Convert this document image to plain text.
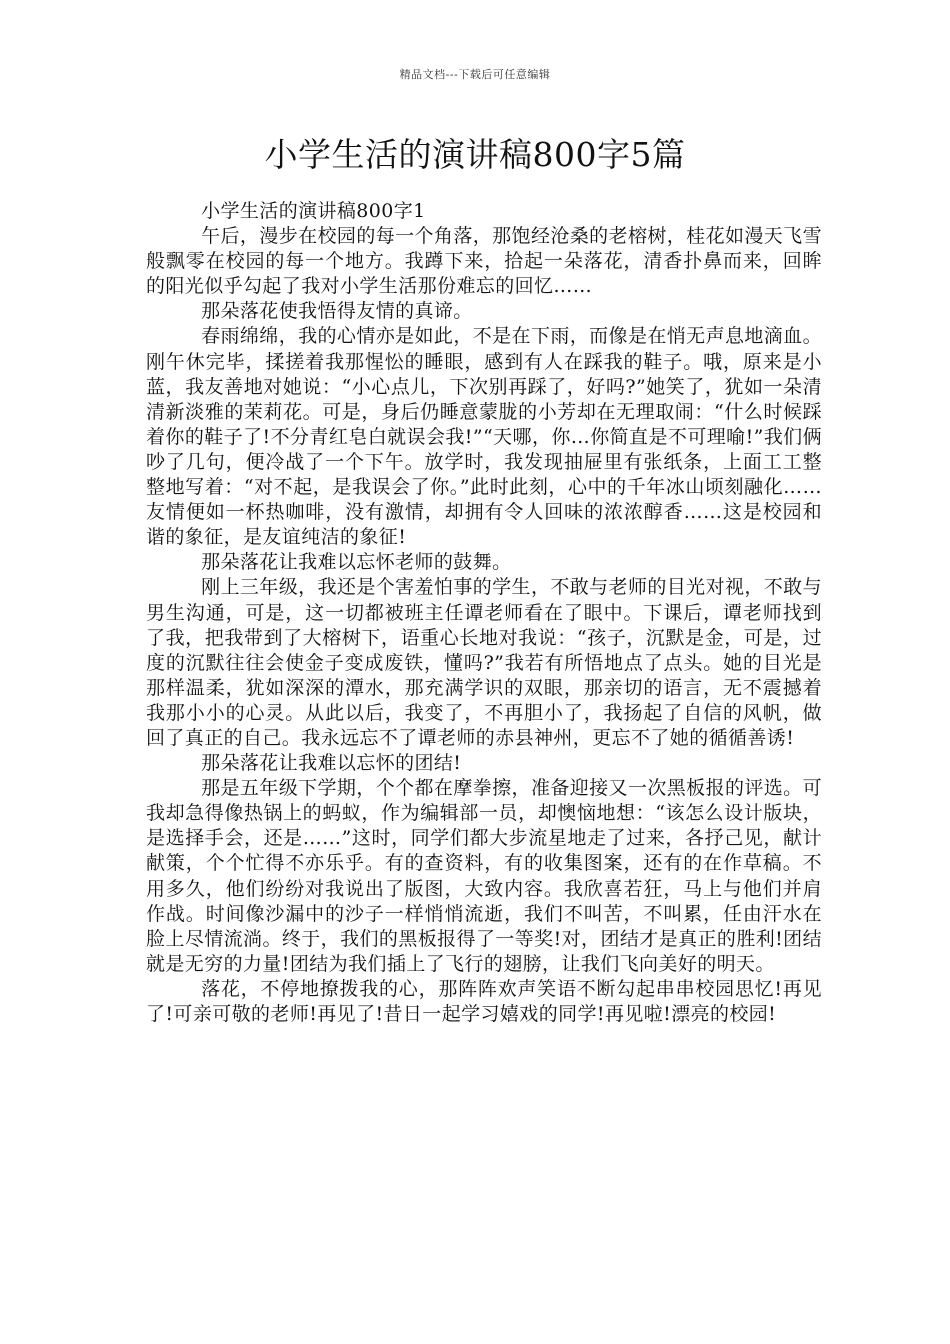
精品文档---下载后可任意编辑
小学生活的演讲稿800字5篇

小学生活的演讲稿800字1

午后，漫步在校园的每一个角落，那饱经沧桑的老榕树，桂花如漫天飞雪般飘零在校园的每一个地方。我蹲下来，拾起一朵落花，清香扑鼻而来，回眸的阳光似乎勾起了我对小学生活那份难忘的回忆……

那朵落花使我悟得友情的真谛。

春雨绵绵，我的心情亦是如此，不是在下雨，而像是在悄无声息地滴血。刚午休完毕，揉搓着我那惺忪的睡眼，感到有人在踩我的鞋子。哦，原来是小蓝，我友善地对她说：“小心点儿，下次别再踩了，好吗?”她笑了，犹如一朵清清新淡雅的茉莉花。可是，身后仍睡意蒙胧的小芳却在无理取闹：“什么时候踩着你的鞋子了!不分青红皂白就误会我!”“天哪，你…你简直是不可理喻!”我们俩吵了几句，便冷战了一个下午。放学时，我发现抽屉里有张纸条，上面工工整整地写着：“对不起，是我误会了你。”此时此刻，心中的千年冰山顷刻融化……友情便如一杯热咖啡，没有激情，却拥有令人回味的浓浓醇香……这是校园和谐的象征，是友谊纯洁的象征!

那朵落花让我难以忘怀老师的鼓舞。

刚上三年级，我还是个害羞怕事的学生，不敢与老师的目光对视，不敢与男生沟通，可是，这一切都被班主任谭老师看在了眼中。下课后，谭老师找到了我，把我带到了大榕树下，语重心长地对我说：“孩子，沉默是金，可是，过度的沉默往往会使金子变成废铁，懂吗?”我若有所悟地点了点头。她的目光是那样温柔，犹如深深的潭水，那充满学识的双眼，那亲切的语言，无不震撼着我那小小的心灵。从此以后，我变了，不再胆小了，我扬起了自信的风帆，做回了真正的自己。我永远忘不了谭老师的赤县神州，更忘不了她的循循善诱!

那朵落花让我难以忘怀的团结!

那是五年级下学期，个个都在摩拳擦，准备迎接又一次黑板报的评选。可我却急得像热锅上的蚂蚁，作为编辑部一员，却懊恼地想：“该怎么设计版块，是选择手会，还是……”这时，同学们都大步流星地走了过来，各抒己见，献计献策，个个忙得不亦乐乎。有的查资料，有的收集图案，还有的在作草稿。不用多久，他们纷纷对我说出了版图，大致内容。我欣喜若狂，马上与他们并肩作战。时间像沙漏中的沙子一样悄悄流逝，我们不叫苦，不叫累，任由汗水在脸上尽情流淌。终于，我们的黑板报得了一等奖!对，团结才是真正的胜利!团结就是无穷的力量!团结为我们插上了飞行的翅膀，让我们飞向美好的明天。

落花，不停地撩拨我的心，那阵阵欢声笑语不断勾起串串校园思忆!再见了!可亲可敬的老师!再见了!昔日一起学习嬉戏的同学!再见啦!漂亮的校园!
